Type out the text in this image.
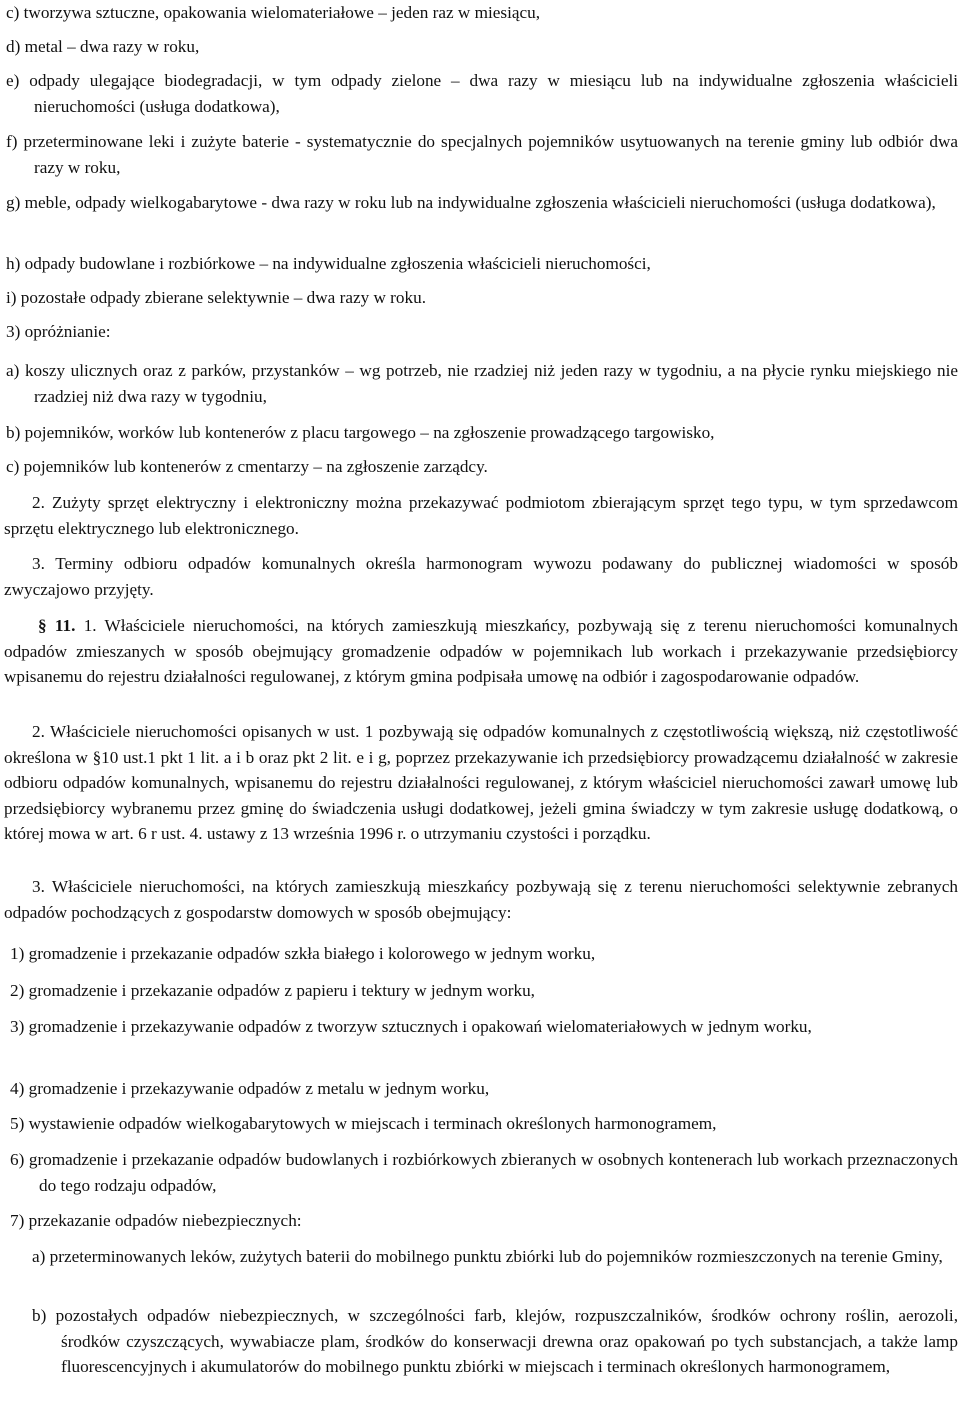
c) tworzywa sztuczne, opakowania wielomateriałowe – jeden raz w miesiącu,

d) metal – dwa razy w roku,

e) odpady ulegające biodegradacji, w tym odpady zielone – dwa razy w miesiącu lub na indywidualne zgłoszenia właścicieli nieruchomości (usługa dodatkowa),

f) przeterminowane leki i zużyte baterie - systematycznie do specjalnych pojemników usytuowanych na terenie gminy lub odbiór dwa razy w roku,

g) meble, odpady wielkogabarytowe - dwa razy w roku lub na indywidualne zgłoszenia właścicieli nieruchomości (usługa dodatkowa),

h) odpady budowlane i rozbiórkowe – na indywidualne zgłoszenia właścicieli nieruchomości,

i) pozostałe odpady zbierane selektywnie – dwa razy w roku.

3) opróżnianie:

a) koszy ulicznych oraz z parków, przystanków – wg potrzeb, nie rzadziej niż jeden razy w tygodniu, a na płycie rynku miejskiego nie rzadziej niż dwa razy w tygodniu,

b) pojemników, worków lub kontenerów z placu targowego – na zgłoszenie prowadzącego targowisko,

c) pojemników lub kontenerów z cmentarzy – na zgłoszenie zarządcy.

2. Zużyty sprzęt elektryczny i elektroniczny można przekazywać podmiotom zbierającym sprzęt tego typu, w tym sprzedawcom sprzętu elektrycznego lub elektronicznego.

3. Terminy odbioru odpadów komunalnych określa harmonogram wywozu podawany do publicznej wiadomości w sposób zwyczajowo przyjęty.

§ 11. 1. Właściciele nieruchomości, na których zamieszkują mieszkańcy, pozbywają się z terenu nieruchomości komunalnych odpadów zmieszanych w sposób obejmujący gromadzenie odpadów w pojemnikach lub workach i przekazywanie przedsiębiorcy wpisanemu do rejestru działalności regulowanej, z którym gmina podpisała umowę na odbiór i zagospodarowanie odpadów.

2. Właściciele nieruchomości opisanych w ust. 1 pozbywają się odpadów komunalnych z częstotliwością większą, niż częstotliwość określona w §10 ust.1 pkt 1 lit. a i b oraz pkt 2 lit. e i g, poprzez przekazywanie ich przedsiębiorcy prowadzącemu działalność w zakresie odbioru odpadów komunalnych, wpisanemu do rejestru działalności regulowanej, z którym właściciel nieruchomości zawarł umowę lub przedsiębiorcy wybranemu przez gminę do świadczenia usługi dodatkowej, jeżeli gmina świadczy w tym zakresie usługę dodatkową, o której mowa w art. 6 r ust. 4. ustawy z 13 września 1996 r. o utrzymaniu czystości i porządku.

3. Właściciele nieruchomości, na których zamieszkują mieszkańcy pozbywają się z terenu nieruchomości selektywnie zebranych odpadów pochodzących z gospodarstw domowych w sposób obejmujący:

1) gromadzenie i przekazanie odpadów szkła białego i kolorowego w jednym worku,

2) gromadzenie i przekazanie odpadów z papieru i tektury w jednym worku,

3) gromadzenie i przekazywanie odpadów z tworzyw sztucznych i opakowań wielomateriałowych w jednym worku,

4) gromadzenie i przekazywanie odpadów z metalu w jednym worku,

5) wystawienie odpadów wielkogabarytowych w miejscach i terminach określonych harmonogramem,

6) gromadzenie i przekazanie odpadów budowlanych i rozbiórkowych zbieranych w osobnych kontenerach lub workach przeznaczonych do tego rodzaju odpadów,

7) przekazanie odpadów niebezpiecznych:

a) przeterminowanych leków, zużytych baterii do mobilnego punktu zbiórki lub do pojemników rozmieszczonych na terenie Gminy,

b) pozostałych odpadów niebezpiecznych, w szczególności farb, klejów, rozpuszczalników, środków ochrony roślin, aerozoli, środków czyszczących, wywabiacze plam, środków do konserwacji drewna oraz opakowań po tych substancjach, a także lamp fluorescencyjnych i akumulatorów do mobilnego punktu zbiórki w miejscach i terminach określonych harmonogramem,
